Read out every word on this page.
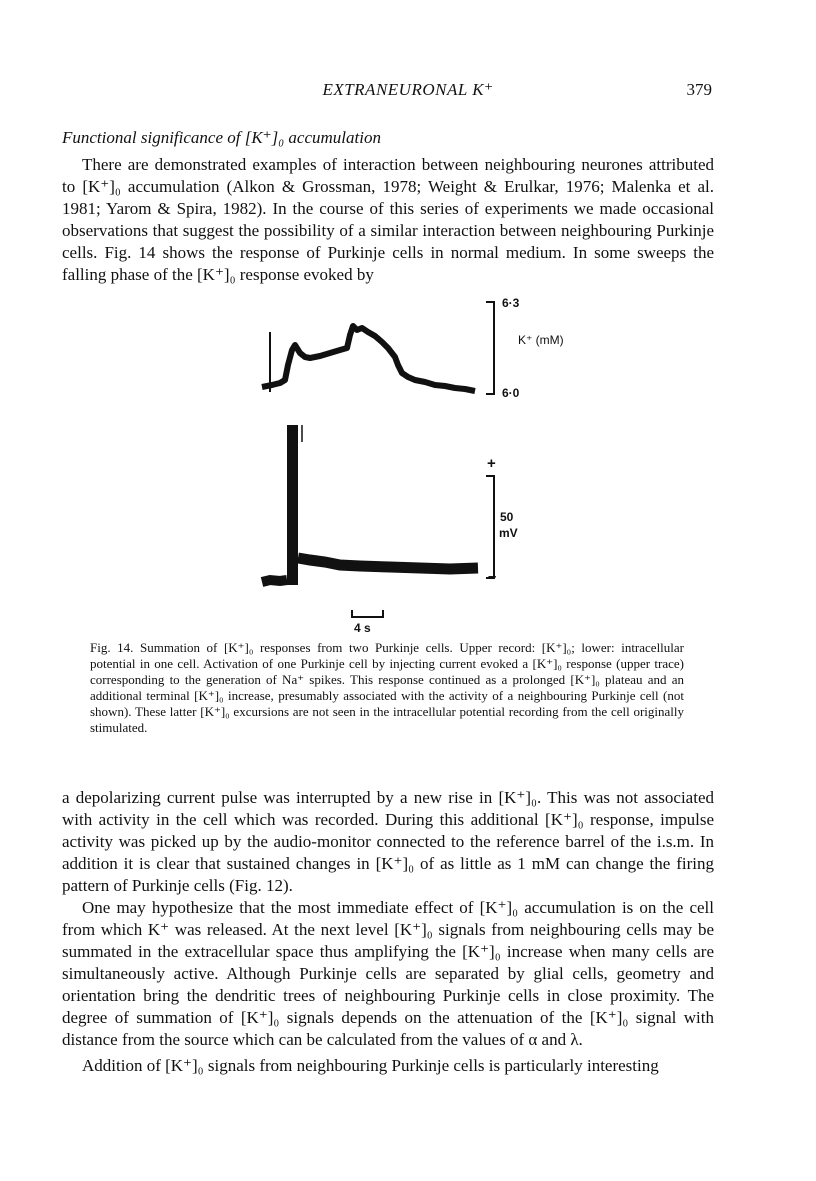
EXTRANEURONAL K⁺	379
Functional significance of [K⁺]₀ accumulation

There are demonstrated examples of interaction between neighbouring neurones attributed to [K⁺]₀ accumulation (Alkon & Grossman, 1978; Weight & Erulkar, 1976; Malenka et al. 1981; Yarom & Spira, 1982). In the course of this series of experiments we made occasional observations that suggest the possibility of a similar interaction between neighbouring Purkinje cells. Fig. 14 shows the response of Purkinje cells in normal medium. In some sweeps the falling phase of the [K⁺]₀ response evoked by

6·3
K⁺ (mM)
6·0
+
50
mV
–
4 s

Fig. 14. Summation of [K⁺]₀ responses from two Purkinje cells. Upper record: [K⁺]₀; lower: intracellular potential in one cell. Activation of one Purkinje cell by injecting current evoked a [K⁺]₀ response (upper trace) corresponding to the generation of Na⁺ spikes. This response continued as a prolonged [K⁺]₀ plateau and an additional terminal [K⁺]₀ increase, presumably associated with the activity of a neighbouring Purkinje cell (not shown). These latter [K⁺]₀ excursions are not seen in the intracellular potential recording from the cell originally stimulated.

a depolarizing current pulse was interrupted by a new rise in [K⁺]₀. This was not associated with activity in the cell which was recorded. During this additional [K⁺]₀ response, impulse activity was picked up by the audio-monitor connected to the reference barrel of the i.s.m. In addition it is clear that sustained changes in [K⁺]₀ of as little as 1 mM can change the firing pattern of Purkinje cells (Fig. 12).

One may hypothesize that the most immediate effect of [K⁺]₀ accumulation is on the cell from which K⁺ was released. At the next level [K⁺]₀ signals from neighbouring cells may be summated in the extracellular space thus amplifying the [K⁺]₀ increase when many cells are simultaneously active. Although Purkinje cells are separated by glial cells, geometry and orientation bring the dendritic trees of neighbouring Purkinje cells in close proximity. The degree of summation of [K⁺]₀ signals depends on the attenuation of the [K⁺]₀ signal with distance from the source which can be calculated from the values of α and λ.

Addition of [K⁺]₀ signals from neighbouring Purkinje cells is particularly interesting
